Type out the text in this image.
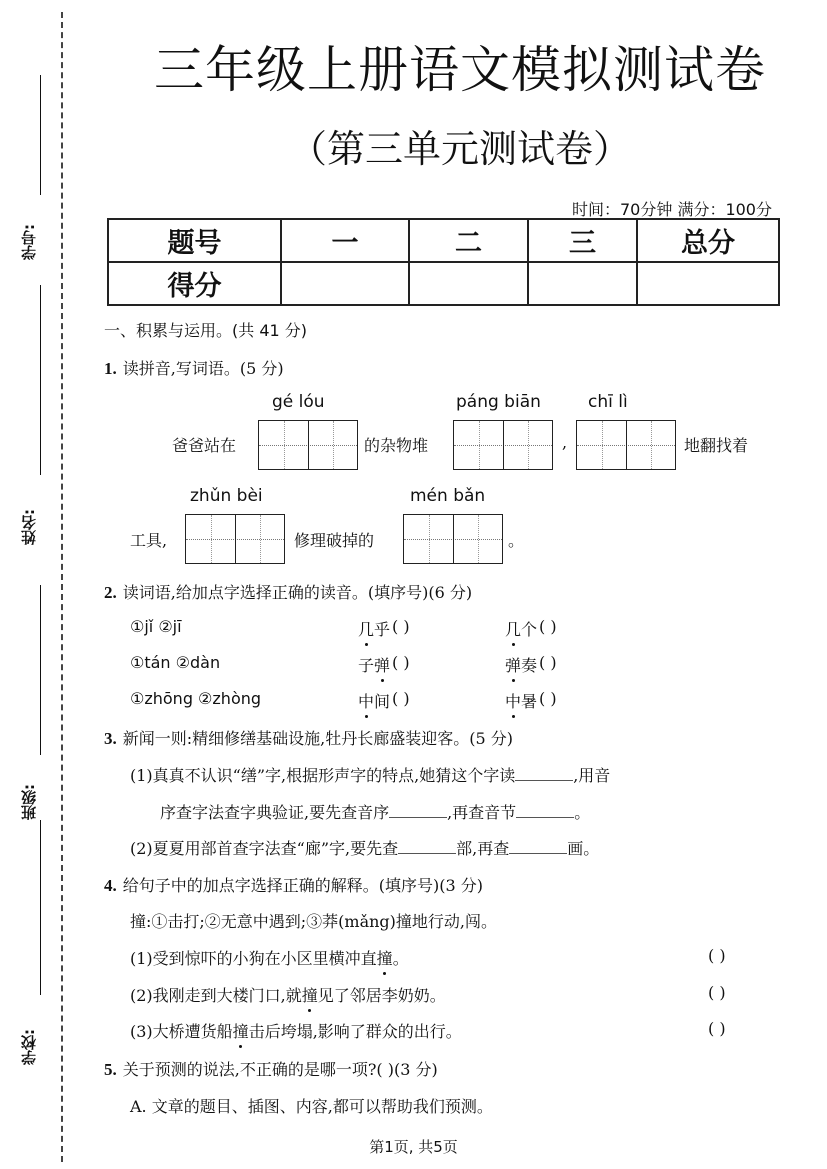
学号:
姓名:
班级:
学校:
三年级上册语文模拟测试卷
（第三单元测试卷）
时间：70分钟 满分：100分
题号	一	二	三	总分
得分				
一、积累与运用。(共 41 分)
1. 读拼音,写词语。(5 分)
gé lóu	páng biān	chī lì
爸爸站在	的杂物堆	,	地翻找着
zhǔn bèi	mén bǎn
工具,	修理破掉的	。
2. 读词语,给加点字选择正确的读音。(填序号)(6 分)
①jǐ ②jī	几乎 ( )	几个 ( )
①tán ②dàn	子弹 ( )	弹奏 ( )
①zhōng ②zhòng	中间 ( )	中暑 ( )
3. 新闻一则:精细修缮基础设施,牡丹长廊盛装迎客。(5 分)
(1)真真不认识“缮”字,根据形声字的特点,她猜这个字读	,用音
序查字法查字典验证,要先查音序	,再查音节	。
(2)夏夏用部首查字法查“廊”字,要先查	部,再查	画。
4. 给句子中的加点字选择正确的解释。(填序号)(3 分)
撞:①击打;②无意中遇到;③莽(mǎng)撞地行动,闯。
(1)受到惊吓的小狗在小区里横冲直撞。	( )
(2)我刚走到大楼门口,就撞见了邻居李奶奶。	( )
(3)大桥遭货船撞击后垮塌,影响了群众的出行。	( )
5. 关于预测的说法,不正确的是哪一项?( )(3 分)
A. 文章的题目、插图、内容,都可以帮助我们预测。
第1页, 共5页
